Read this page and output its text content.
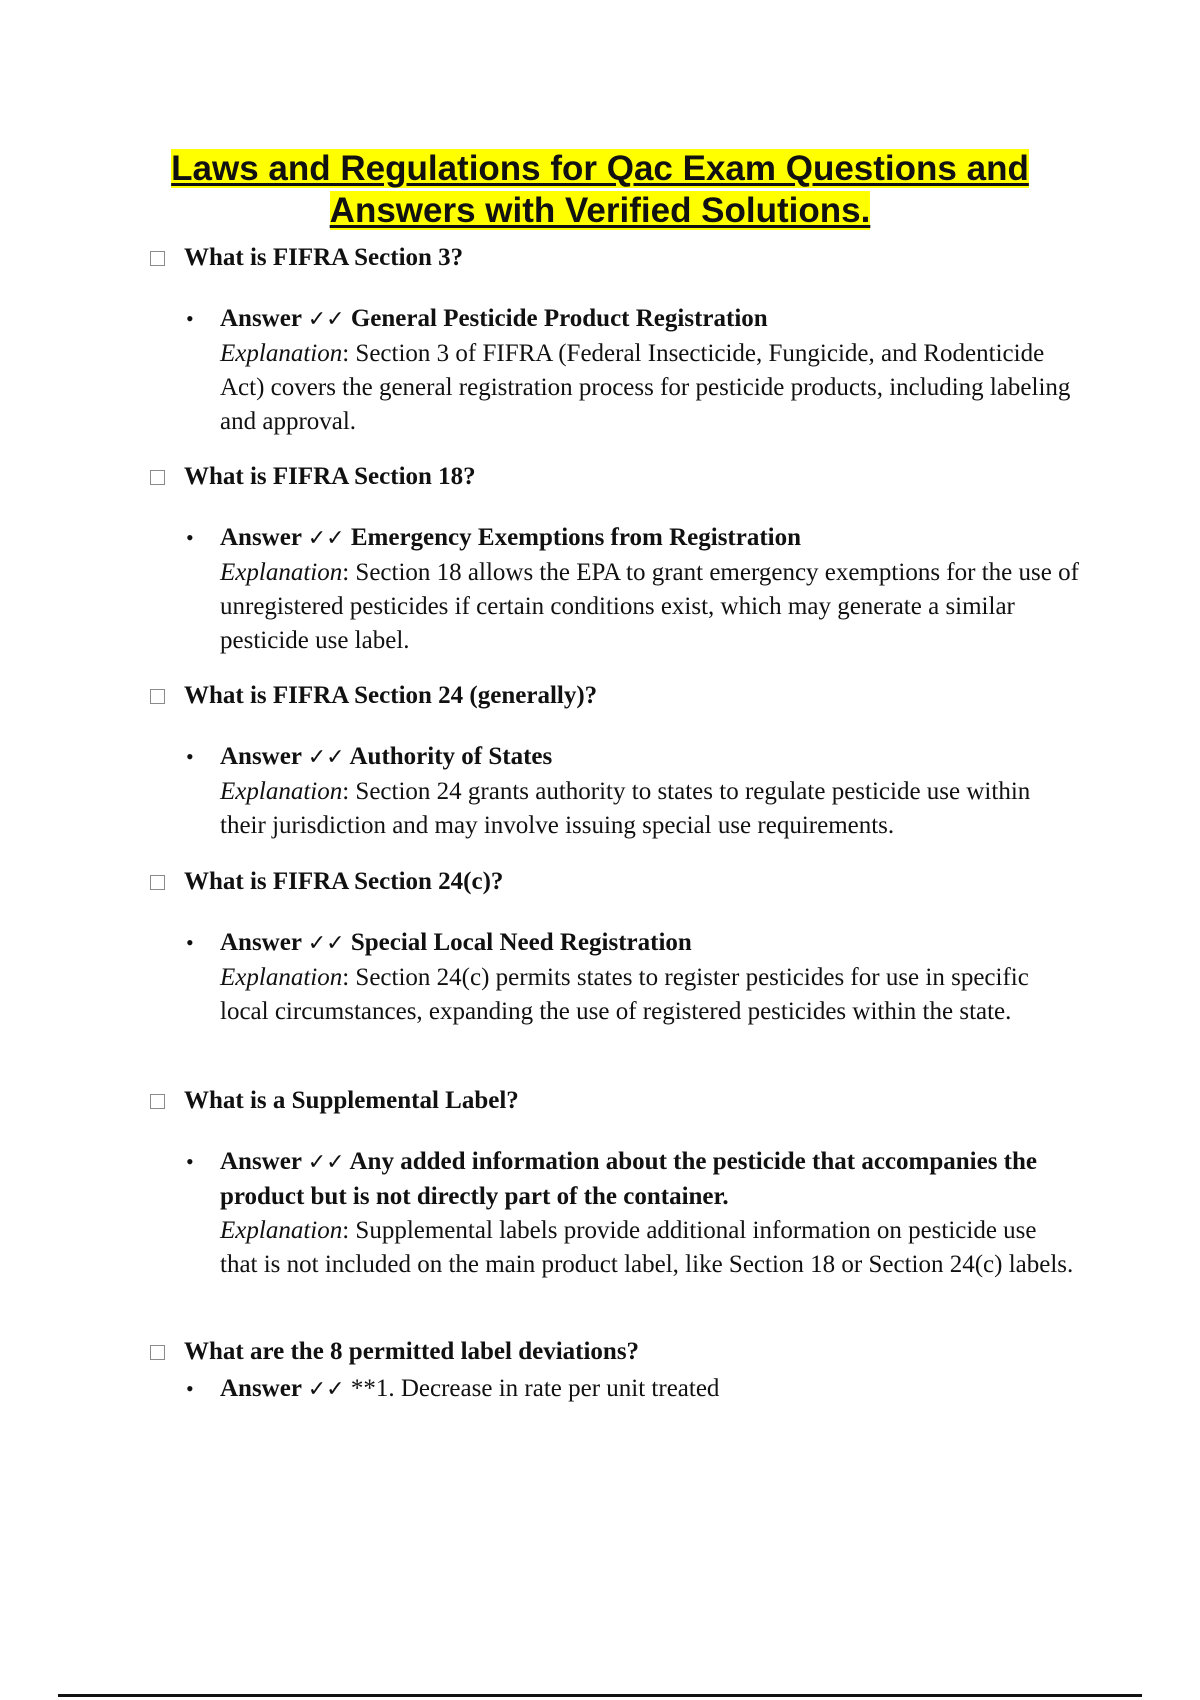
Laws and Regulations for Qac Exam Questions and
Answers with Verified Solutions.
What is FIFRA Section 3?
• Answer ✓✓ General Pesticide Product Registration
Explanation: Section 3 of FIFRA (Federal Insecticide, Fungicide, and Rodenticide Act) covers the general registration process for pesticide products, including labeling and approval.
What is FIFRA Section 18?
• Answer ✓✓ Emergency Exemptions from Registration
Explanation: Section 18 allows the EPA to grant emergency exemptions for the use of unregistered pesticides if certain conditions exist, which may generate a similar pesticide use label.
What is FIFRA Section 24 (generally)?
• Answer ✓✓ Authority of States
Explanation: Section 24 grants authority to states to regulate pesticide use within their jurisdiction and may involve issuing special use requirements.
What is FIFRA Section 24(c)?
• Answer ✓✓ Special Local Need Registration
Explanation: Section 24(c) permits states to register pesticides for use in specific local circumstances, expanding the use of registered pesticides within the state.
What is a Supplemental Label?
• Answer ✓✓ Any added information about the pesticide that accompanies the product but is not directly part of the container.
Explanation: Supplemental labels provide additional information on pesticide use that is not included on the main product label, like Section 18 or Section 24(c) labels.
What are the 8 permitted label deviations?
• Answer ✓✓ **1. Decrease in rate per unit treated
